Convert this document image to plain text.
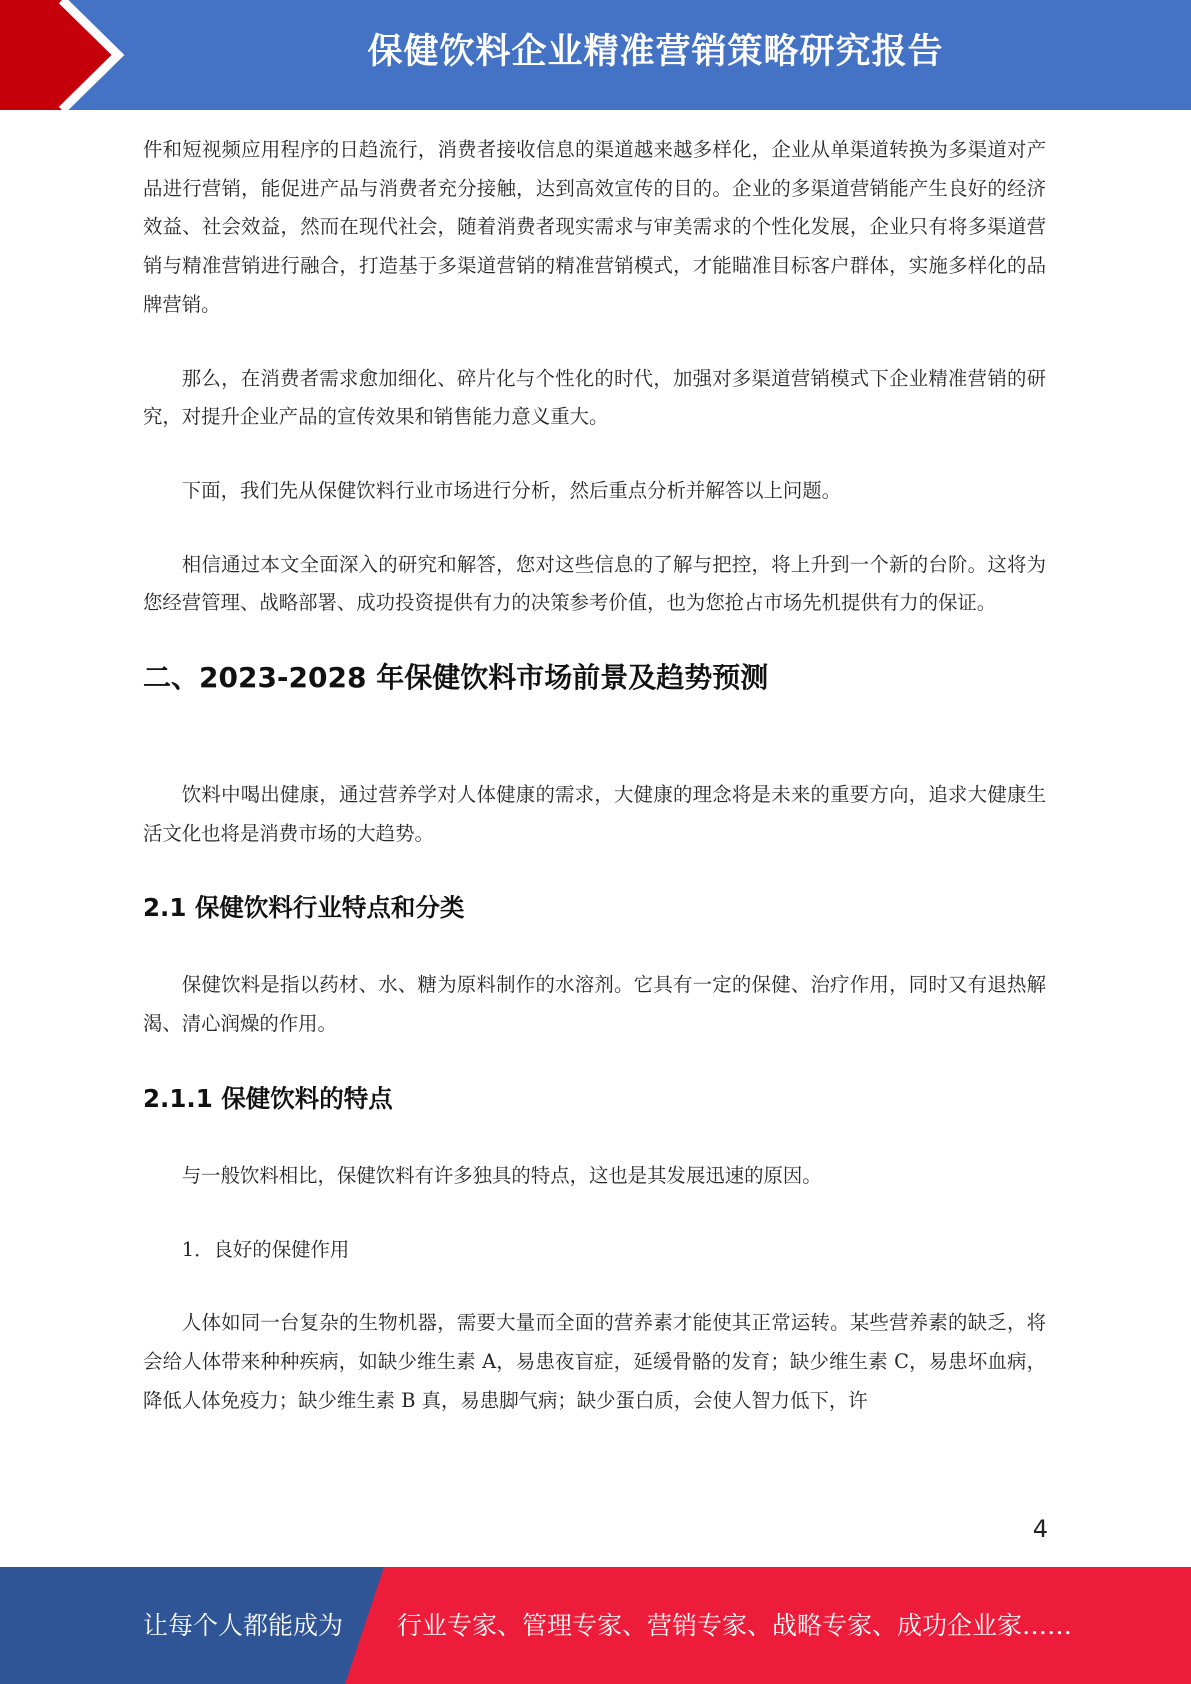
保健饮料企业精准营销策略研究报告

件和短视频应用程序的日趋流行，消费者接收信息的渠道越来越多样化，企业从单渠道转换为多渠道对产品进行营销，能促进产品与消费者充分接触，达到高效宣传的目的。企业的多渠道营销能产生良好的经济效益、社会效益，然而在现代社会，随着消费者现实需求与审美需求的个性化发展，企业只有将多渠道营销与精准营销进行融合，打造基于多渠道营销的精准营销模式，才能瞄准目标客户群体，实施多样化的品牌营销。

那么，在消费者需求愈加细化、碎片化与个性化的时代，加强对多渠道营销模式下企业精准营销的研究，对提升企业产品的宣传效果和销售能力意义重大。

下面，我们先从保健饮料行业市场进行分析，然后重点分析并解答以上问题。

相信通过本文全面深入的研究和解答，您对这些信息的了解与把控，将上升到一个新的台阶。这将为您经营管理、战略部署、成功投资提供有力的决策参考价值，也为您抢占市场先机提供有力的保证。

二、2023-2028 年保健饮料市场前景及趋势预测

饮料中喝出健康，通过营养学对人体健康的需求，大健康的理念将是未来的重要方向，追求大健康生活文化也将是消费市场的大趋势。

2.1 保健饮料行业特点和分类

保健饮料是指以药材、水、糖为原料制作的水溶剂。它具有一定的保健、治疗作用，同时又有退热解渴、清心润燥的作用。

2.1.1 保健饮料的特点

与一般饮料相比，保健饮料有许多独具的特点，这也是其发展迅速的原因。

1．良好的保健作用

人体如同一台复杂的生物机器，需要大量而全面的营养素才能使其正常运转。某些营养素的缺乏，将会给人体带来种种疾病，如缺少维生素 A，易患夜盲症，延缓骨骼的发育；缺少维生素 C，易患坏血病，降低人体免疫力；缺少维生素 B 真，易患脚气病；缺少蛋白质，会使人智力低下，许

4
让每个人都能成为 行业专家、管理专家、营销专家、战略专家、成功企业家……
